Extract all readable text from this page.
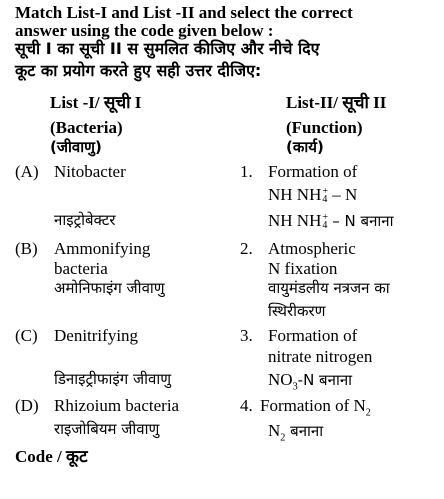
Match List-I and List -II and select the correct
answer using the code given below :
सूची I का सूची II स सुमलित कीजिए और नीचे दिए
कूट का प्रयोग करते हुए सही उत्तर दीजिए:
List -I/ सूची I
(Bacteria)
(जीवाणु)
List-II/ सूची II
(Function)
(कार्य)
(A) Nitobacter
नाइट्रोबेक्टर
1. Formation of
NH NH +
4 – N
NH NH +
4 – N बनाना
(B) Ammonifying
bacteria
अमोनिफाइंग जीवाणु
2. Atmospheric
N fixation
वायुमंडलीय नत्रजन का
स्थिरीकरण
(C) Denitrifying
डिनाइट्रीफाइंग जीवाणु
3. Formation of
nitrate nitrogen
$NO_3-N$ बनाना
(D) Rhizoium bacteria
राइजोबियम जीवाणु
4. Formation of $N_2$
$N_2$ बनाना
Code / कूट
